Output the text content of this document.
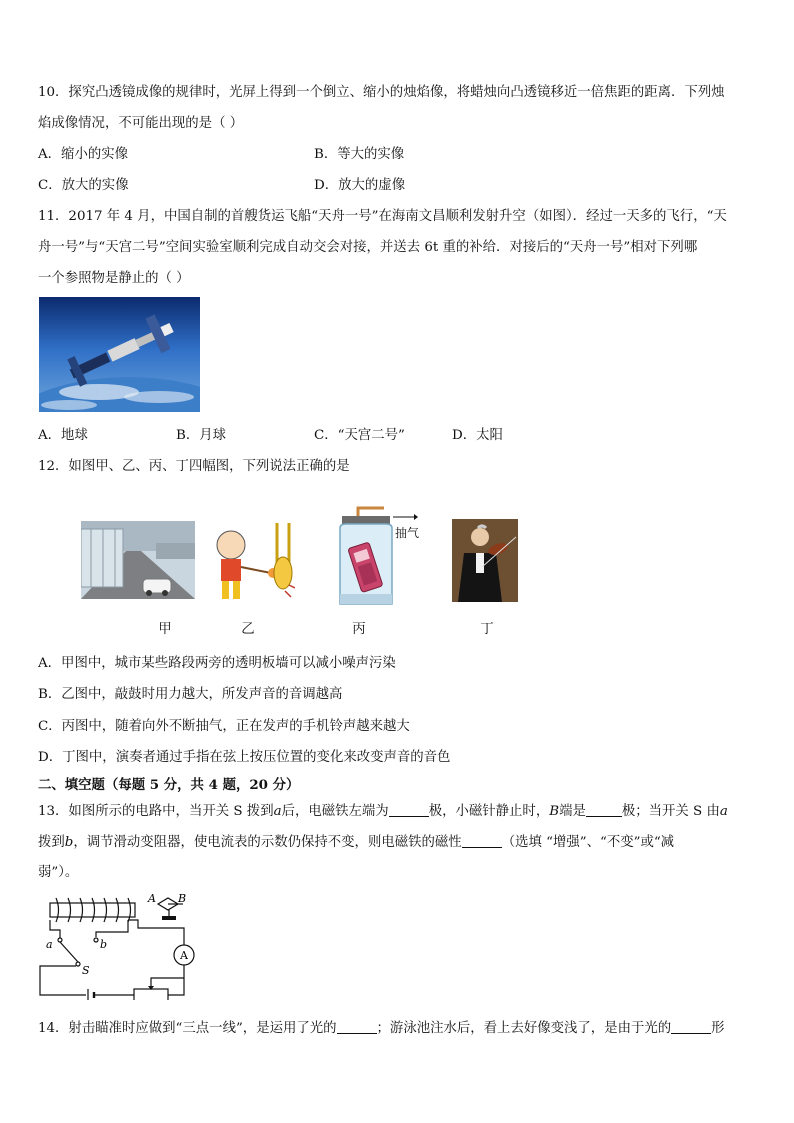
10．探究凸透镜成像的规律时，光屏上得到一个倒立、缩小的烛焰像，将蜡烛向凸透镜移近一倍焦距的距离．下列烛
焰成像情况，不可能出现的是（ ）
A．缩小的实像	B．等大的实像
C．放大的实像	D．放大的虚像
11．2017 年 4 月，中国自制的首艘货运飞船“天舟一号”在海南文昌顺利发射升空（如图）．经过一天多的飞行，“天
舟一号”与“天宫二号”空间实验室顺利完成自动交会对接，并送去 6t 重的补给．对接后的“天舟一号”相对下列哪
一个参照物是静止的（ ）
A．地球	B．月球	C．“天宫二号”	D．太阳
12．如图甲、乙、丙、丁四幅图，下列说法正确的是
甲	乙
抽气
丙	丁
A．甲图中，城市某些路段两旁的透明板墙可以减小噪声污染
B．乙图中，敲鼓时用力越大，所发声音的音调越高
C．丙图中，随着向外不断抽气，正在发声的手机铃声越来越大
D．丁图中，演奏者通过手指在弦上按压位置的变化来改变声音的音色
二、填空题（每题 5 分，共 4 题，20 分）
13．如图所示的电路中，当开关 S 拨到a后，电磁铁左端为	极，小磁针静止时，B端是	极；当开关 S 由a
拨到b，调节滑动变阻器，使电流表的示数仍保持不变，则电磁铁的磁性	（选填 “增强”、“不变”或“减
弱”）。
A B
a	b
S
A
14．射击瞄准时应做到“三点一线”，是运用了光的	；游泳池注水后，看上去好像变浅了，是由于光的	形
